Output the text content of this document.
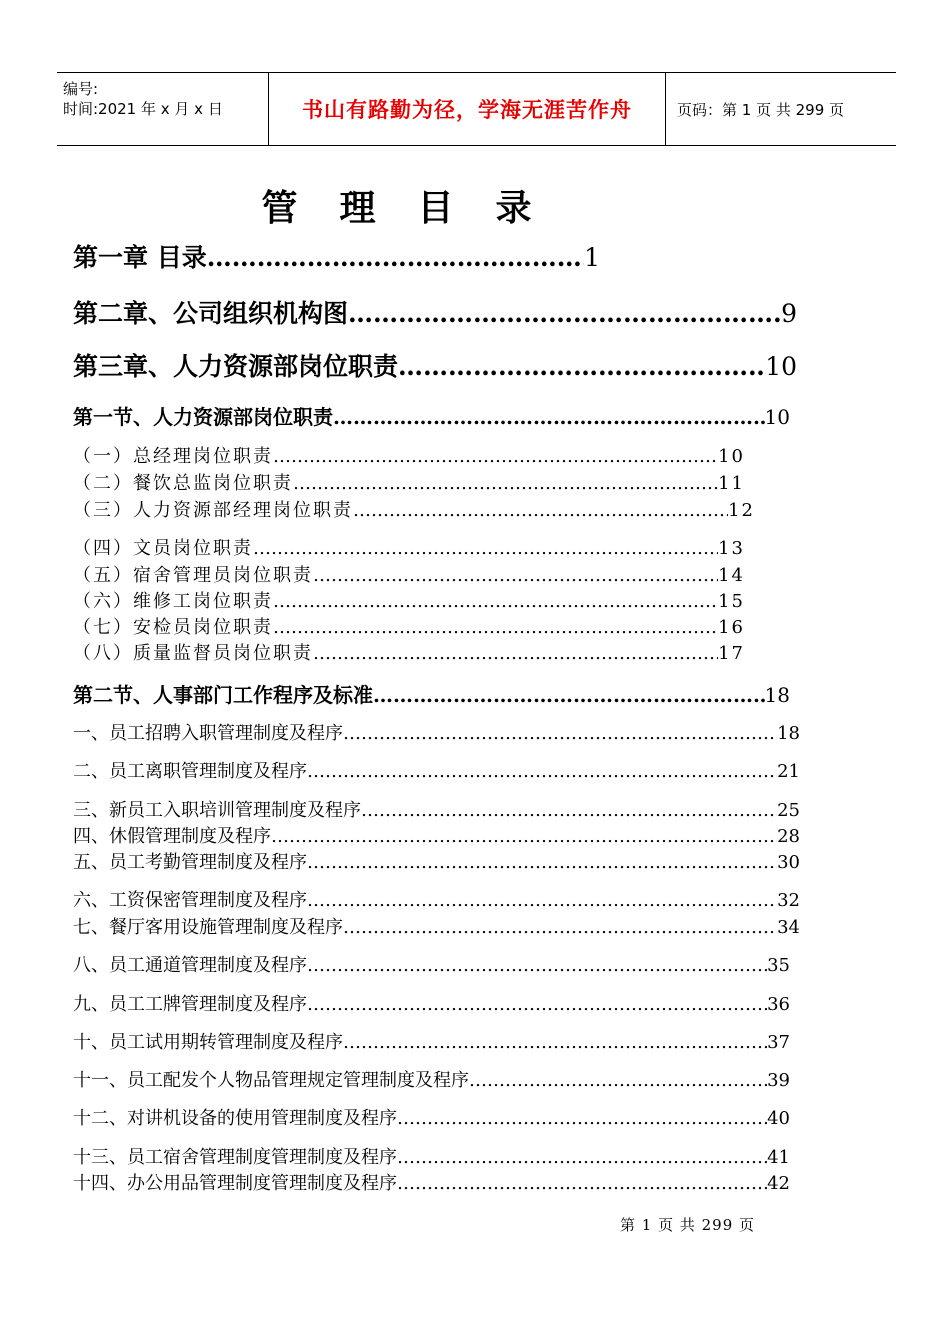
编号:
时间:2021 年 x 月 x 日	书山有路勤为径，学海无涯苦作舟	页码：第 1 页 共 299 页
管理目录
第一章 目录 ………………………………………………………………………………………………………………………………………………………………………	1
第二章、公司组织机构图 ………………………………………………………………………………………………………………………………………………………………………	9
第三章、人力资源部岗位职责 ………………………………………………………………………………………………………………………………………………………………………	10
第一节、人力资源部岗位职责 ………………………………………………………………………………………………………………………………………………………………………	10
（一）总经理岗位职责 ………………………………………………………………………………………………………………………………………………………………………	10
（二）餐饮总监岗位职责 ………………………………………………………………………………………………………………………………………………………………………	11
（三）人力资源部经理岗位职责 ………………………………………………………………………………………………………………………………………………………………………	12
（四）文员岗位职责 ………………………………………………………………………………………………………………………………………………………………………	13
（五）宿舍管理员岗位职责 ………………………………………………………………………………………………………………………………………………………………………	14
（六）维修工岗位职责 ………………………………………………………………………………………………………………………………………………………………………	15
（七）安检员岗位职责 ………………………………………………………………………………………………………………………………………………………………………	16
（八）质量监督员岗位职责 ………………………………………………………………………………………………………………………………………………………………………	17
第二节、人事部门工作程序及标准 ………………………………………………………………………………………………………………………………………………………………………	18
一、员工招聘入职管理制度及程序 ………………………………………………………………………………………………………………………………………………………………………	18
二、员工离职管理制度及程序 ………………………………………………………………………………………………………………………………………………………………………	21
三、新员工入职培训管理制度及程序 ………………………………………………………………………………………………………………………………………………………………………	25
四、休假管理制度及程序 ………………………………………………………………………………………………………………………………………………………………………	28
五、员工考勤管理制度及程序 ………………………………………………………………………………………………………………………………………………………………………	30
六、工资保密管理制度及程序 ………………………………………………………………………………………………………………………………………………………………………	32
七、餐厅客用设施管理制度及程序 ………………………………………………………………………………………………………………………………………………………………………	34
八、员工通道管理制度及程序 ………………………………………………………………………………………………………………………………………………………………………	35
九、员工工牌管理制度及程序 ………………………………………………………………………………………………………………………………………………………………………	36
十、员工试用期转管理制度及程序 ………………………………………………………………………………………………………………………………………………………………………	37
十一、员工配发个人物品管理规定管理制度及程序 ………………………………………………………………………………………………………………………………………………………………………	39
十二、对讲机设备的使用管理制度及程序 ………………………………………………………………………………………………………………………………………………………………………	40
十三、员工宿舍管理制度管理制度及程序 ………………………………………………………………………………………………………………………………………………………………………	41
十四、办公用品管理制度管理制度及程序 ………………………………………………………………………………………………………………………………………………………………………	42
第 1 页 共 299 页
